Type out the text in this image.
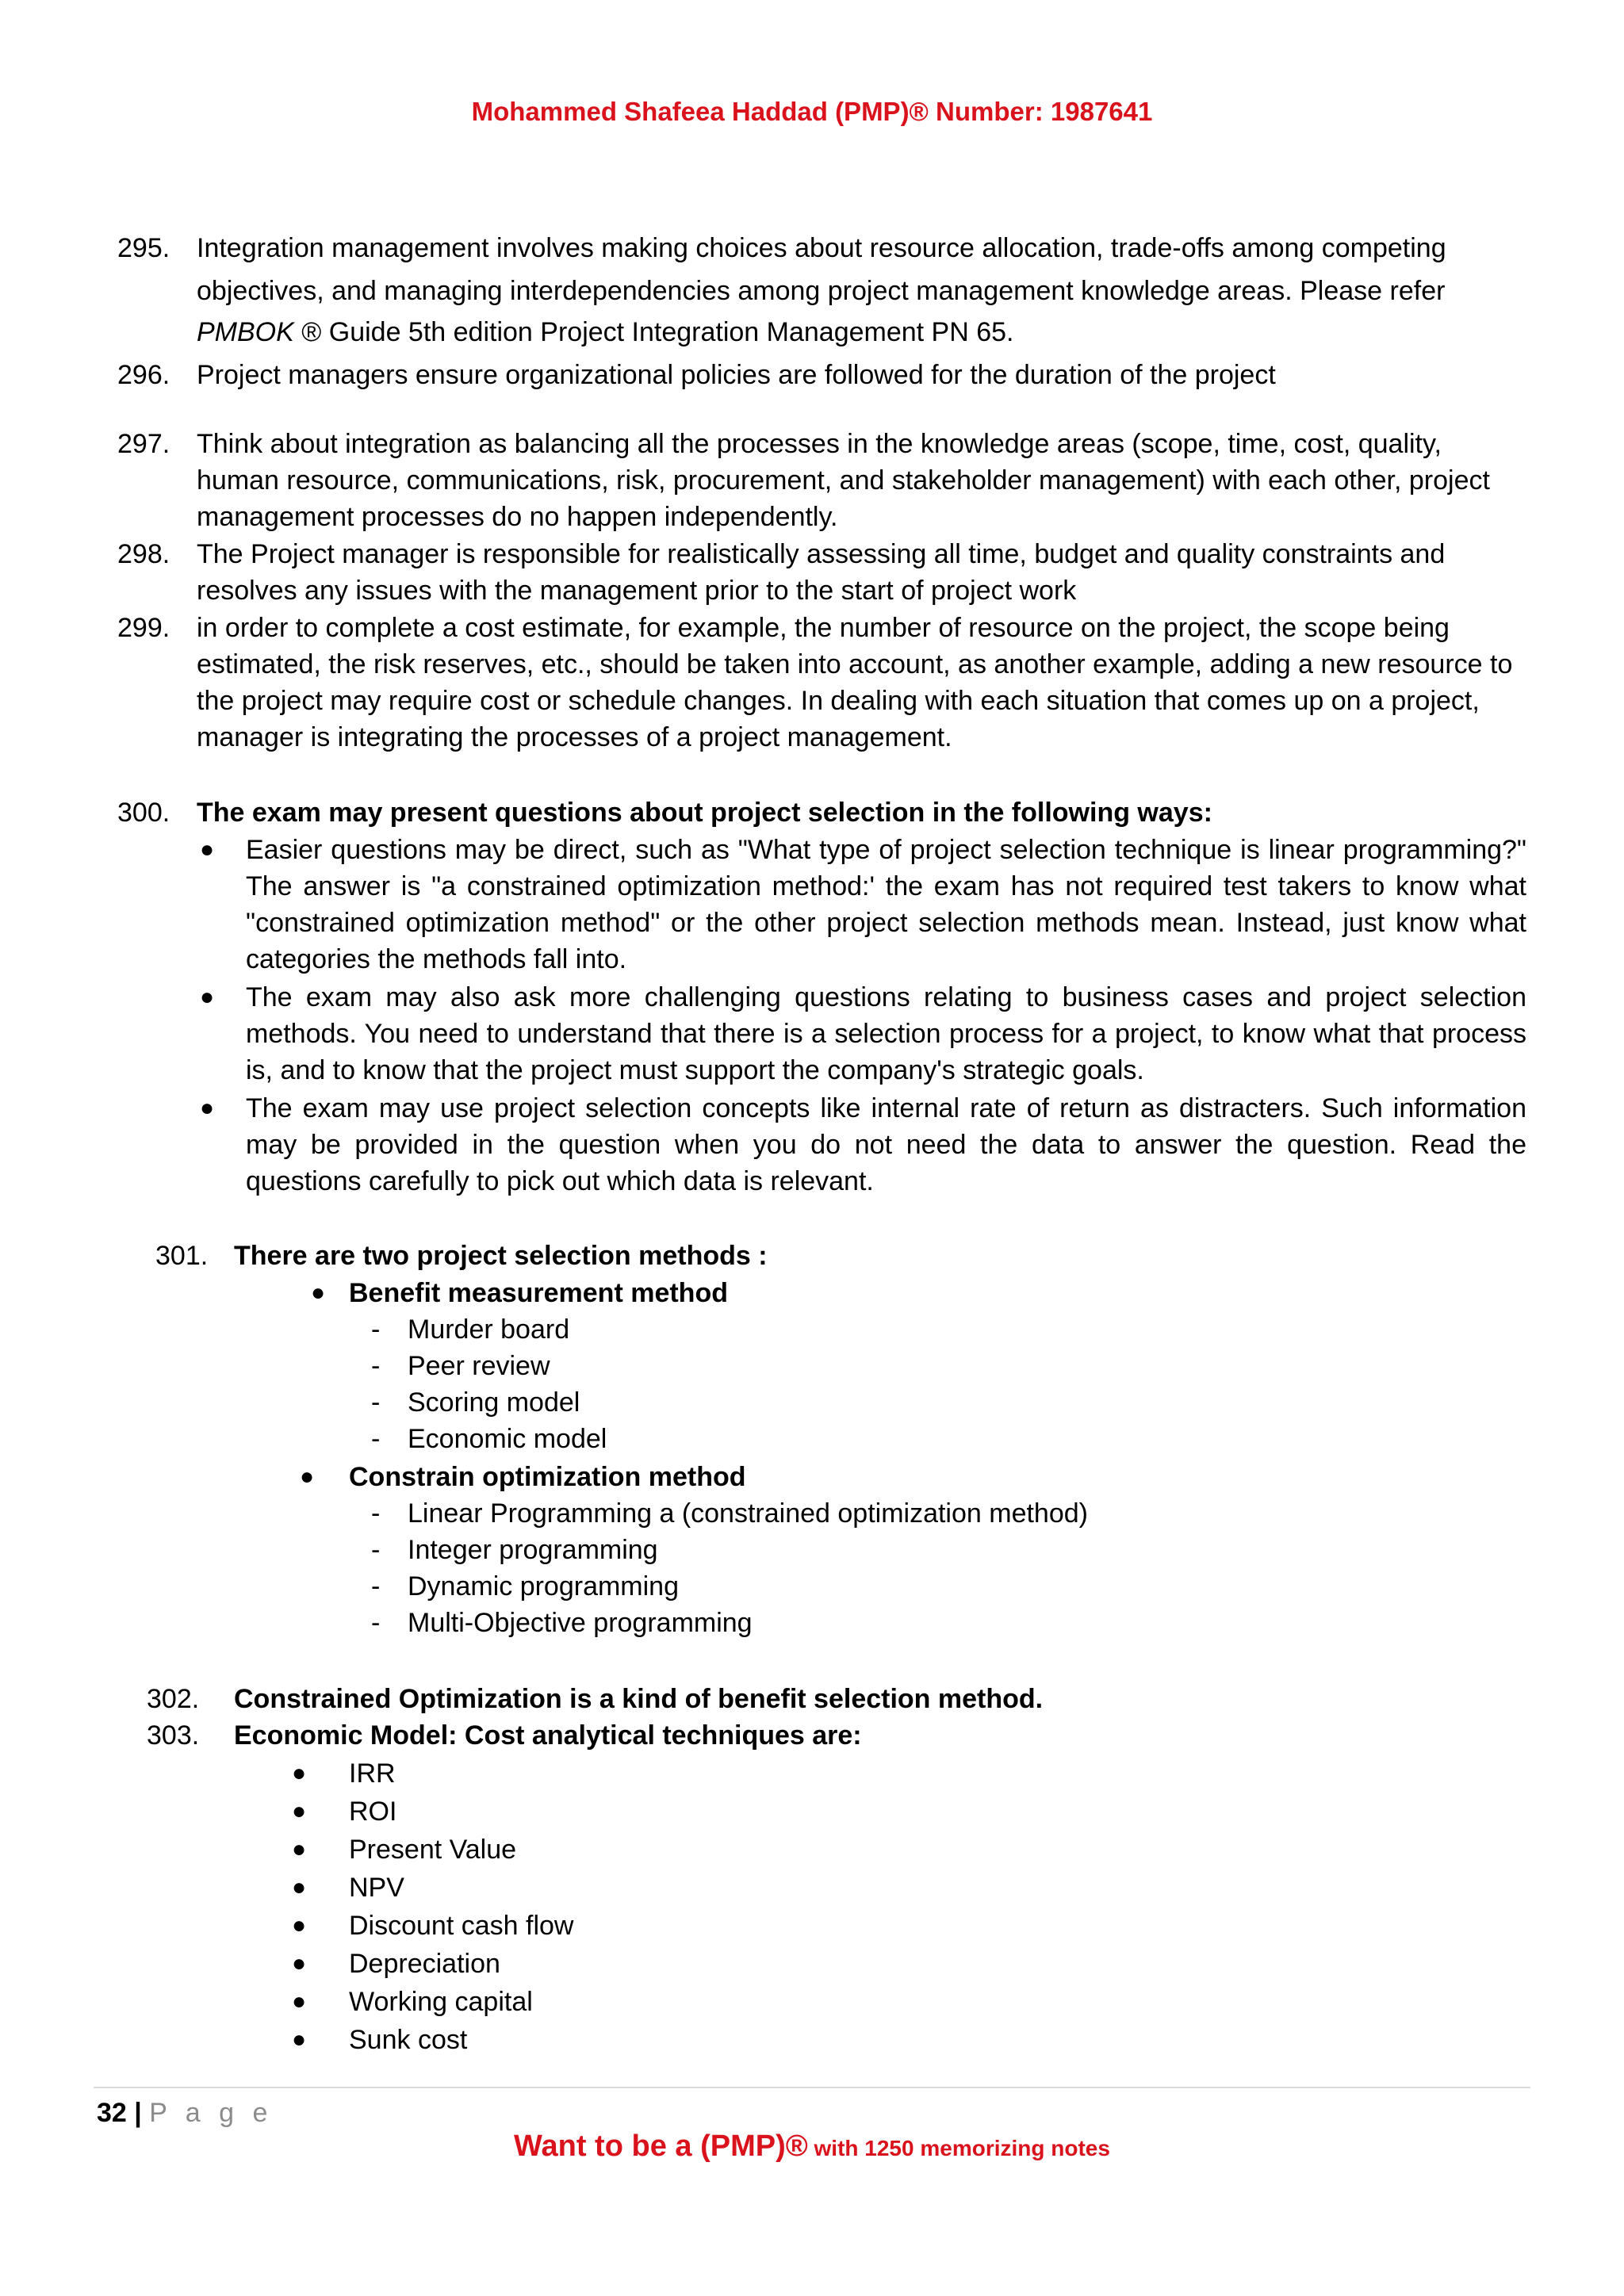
Mohammed Shafeea Haddad (PMP)® Number: 1987641
295. Integration management involves making choices about resource allocation, trade-offs among competing
objectives, and managing interdependencies among project management knowledge areas. Please refer
PMBOK ® Guide 5th edition Project Integration Management PN 65.
296. Project managers ensure organizational policies are followed for the duration of the project
297. Think about integration as balancing all the processes in the knowledge areas (scope, time, cost, quality, human resource, communications, risk, procurement, and stakeholder management) with each other, project management processes do no happen independently.
298. The Project manager is responsible for realistically assessing all time, budget and quality constraints and resolves any issues with the management prior to the start of project work
299. in order to complete a cost estimate, for example, the number of resource on the project, the scope being estimated, the risk reserves, etc., should be taken into account, as another example, adding a new resource to the project may require cost or schedule changes. In dealing with each situation that comes up on a project, manager is integrating the processes of a project management.
300. The exam may present questions about project selection in the following ways:
● Easier questions may be direct, such as "What type of project selection technique is linear programming?" The answer is "a constrained optimization method:' the exam has not required test takers to know what "constrained optimization method" or the other project selection methods mean. Instead, just know what categories the methods fall into.
● The exam may also ask more challenging questions relating to business cases and project selection methods. You need to understand that there is a selection process for a project, to know what that process is, and to know that the project must support the company's strategic goals.
● The exam may use project selection concepts like internal rate of return as distracters. Such information may be provided in the question when you do not need the data to answer the question. Read the questions carefully to pick out which data is relevant.
301. There are two project selection methods :
● Benefit measurement method
- Murder board
- Peer review
- Scoring model
- Economic model
● Constrain optimization method
- Linear Programming a (constrained optimization method)
- Integer programming
- Dynamic programming
- Multi-Objective programming
302. Constrained Optimization is a kind of benefit selection method.
303. Economic Model: Cost analytical techniques are:
● IRR
● ROI
● Present Value
● NPV
● Discount cash flow
● Depreciation
● Working capital
● Sunk cost
32 | P a g e
Want to be a (PMP)® with 1250 memorizing notes
